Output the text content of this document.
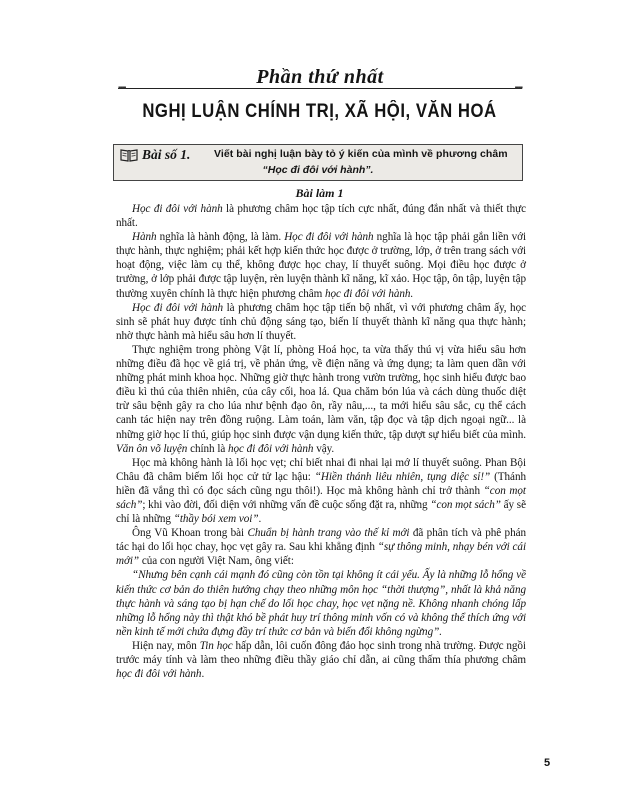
▪▪▪▪	▪▪▪▪
Phần thứ nhất
NGHỊ LUẬN CHÍNH TRỊ, XÃ HỘI, VĂN HOÁ
Bài số 1. Viết bài nghị luận bày tỏ ý kiến của mình về phương châm
“Học đi đôi với hành”.
Bài làm 1

Học đi đôi với hành là phương châm học tập tích cực nhất, đúng đắn nhất và thiết thực nhất.

Hành nghĩa là hành động, là làm. Học đi đôi với hành nghĩa là học tập phải gắn liền với thực hành, thực nghiệm; phải kết hợp kiến thức học được ở trường, lớp, ở trên trang sách với hoạt động, việc làm cụ thể, không được học chay, lí thuyết suông. Mọi điều học được ở trường, ở lớp phải được tập luyện, rèn luyện thành kĩ năng, kĩ xảo. Học tập, ôn tập, luyện tập thường xuyên chính là thực hiện phương châm học đi đôi với hành.

Học đi đôi với hành là phương châm học tập tiến bộ nhất, vì với phương châm ấy, học sinh sẽ phát huy được tính chủ động sáng tạo, biến lí thuyết thành kĩ năng qua thực hành; nhờ thực hành mà hiểu sâu hơn lí thuyết.

Thực nghiệm trong phòng Vật lí, phòng Hoá học, ta vừa thấy thú vị vừa hiểu sâu hơn những điều đã học về giá trị, về phản ứng, về điện năng và ứng dụng; ta làm quen dần với những phát minh khoa học. Những giờ thực hành trong vườn trường, học sinh hiểu được bao điều kì thú của thiên nhiên, của cây cối, hoa lá. Qua chăm bón lúa và cách dùng thuốc diệt trừ sâu bệnh gây ra cho lúa như bệnh đạo ôn, rầy nâu,..., ta mới hiểu sâu sắc, cụ thể cách canh tác hiện nay trên đồng ruộng. Làm toán, làm văn, tập đọc và tập dịch ngoại ngữ... là những giờ học lí thú, giúp học sinh được vận dụng kiến thức, tập dượt sự hiểu biết của mình. Văn ôn võ luyện chính là học đi đôi với hành vậy.

Học mà không hành là lối học vẹt; chỉ biết nhai đi nhai lại mớ lí thuyết suông. Phan Bội Châu đã châm biếm lối học cử tử lạc hậu: “Hiền thánh liêu nhiên, tụng diệc sỉ!” (Thánh hiền đã vắng thì có đọc sách cũng ngu thôi!). Học mà không hành chỉ trở thành “con mọt sách”; khi vào đời, đối diện với những vấn đề cuộc sống đặt ra, những “con mọt sách” ấy sẽ chỉ là những “thầy bói xem voi”.

Ông Vũ Khoan trong bài Chuẩn bị hành trang vào thế kỉ mới đã phân tích và phê phán tác hại do lối học chay, học vẹt gây ra. Sau khi khẳng định “sự thông minh, nhạy bén với cái mới” của con người Việt Nam, ông viết:

“Nhưng bên cạnh cái mạnh đó cũng còn tồn tại không ít cái yếu. Ấy là những lỗ hổng về kiến thức cơ bản do thiên hướng chạy theo những môn học “thời thượng”, nhất là khả năng thực hành và sáng tạo bị hạn chế do lối học chay, học vẹt nặng nề. Không nhanh chóng lấp những lỗ hổng này thì thật khó bề phát huy trí thông minh vốn có và không thể thích ứng với nền kinh tế mới chứa đựng đầy trí thức cơ bản và biến đổi không ngừng”.

Hiện nay, môn Tin học hấp dẫn, lôi cuốn đông đảo học sinh trong nhà trường. Được ngồi trước máy tính và làm theo những điều thầy giáo chỉ dẫn, ai cũng thấm thía phương châm học đi đôi với hành.

5
